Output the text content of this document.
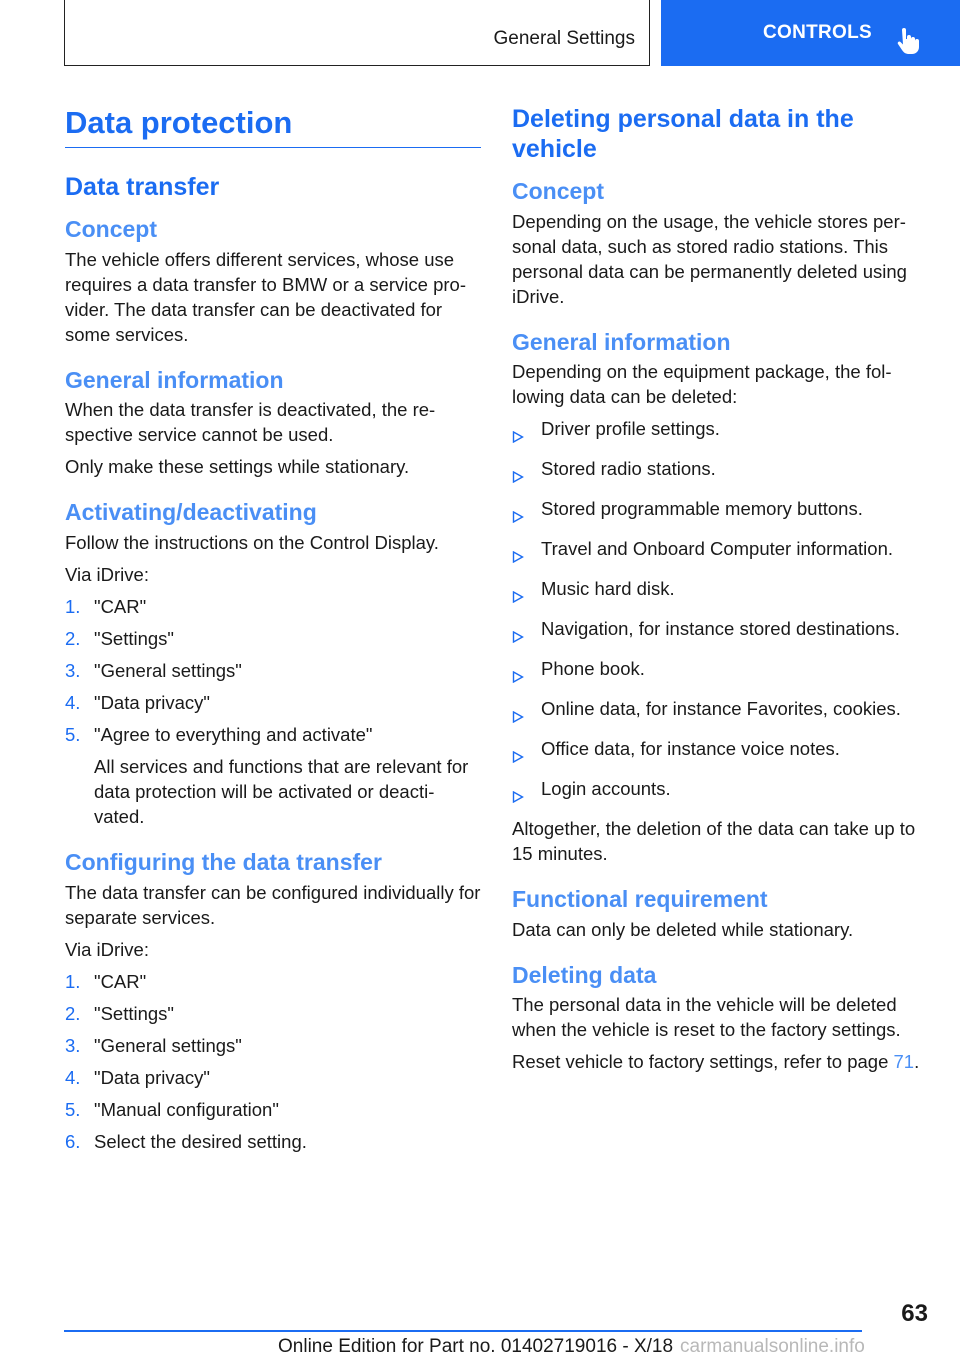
General Settings	CONTROLS
Data protection
Data transfer
Concept

The vehicle offers different services, whose use requires a data transfer to BMW or a service pro-vider. The data transfer can be deactivated for some services.

General information

When the data transfer is deactivated, the re-spective service cannot be used.

Only make these settings while stationary.

Activating/deactivating

Follow the instructions on the Control Display.

Via iDrive:

1. "CAR"
2. "Settings"
3. "General settings"
4. "Data privacy"
5. "Agree to everything and activate"
All services and functions that are relevant for data protection will be activated or deacti-vated.
Configuring the data transfer

The data transfer can be configured individually for separate services.

Via iDrive:

1. "CAR"
2. "Settings"
3. "General settings"
4. "Data privacy"
5. "Manual configuration"
6. Select the desired setting.
Deleting personal data in the vehicle
Concept

Depending on the usage, the vehicle stores per-sonal data, such as stored radio stations. This personal data can be permanently deleted using iDrive.

General information

Depending on the equipment package, the fol-lowing data can be deleted:

Driver profile settings.
Stored radio stations.
Stored programmable memory buttons.
Travel and Onboard Computer information.
Music hard disk.
Navigation, for instance stored destinations.
Phone book.
Online data, for instance Favorites, cookies.
Office data, for instance voice notes.
Login accounts.

Altogether, the deletion of the data can take up to 15 minutes.

Functional requirement

Data can only be deleted while stationary.

Deleting data

The personal data in the vehicle will be deleted when the vehicle is reset to the factory settings.

Reset vehicle to factory settings, refer to page 71.

63
Online Edition for Part no. 01402719016 - X/18 carmanualsonline.info
